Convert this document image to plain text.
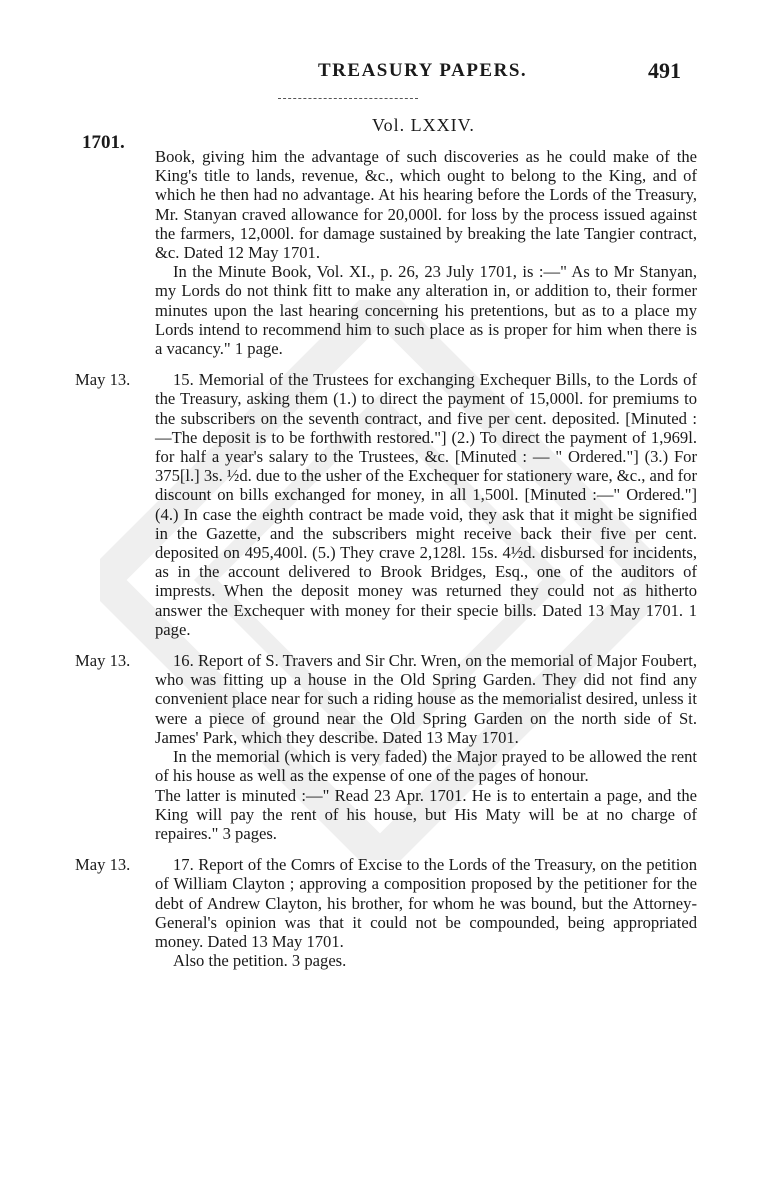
TREASURY PAPERS.	491
1701.
Vol. LXXIV.

Book, giving him the advantage of such discoveries as he could make of the King's title to lands, revenue, &c., which ought to belong to the King, and of which he then had no advantage. At his hearing before the Lords of the Treasury, Mr. Stanyan craved allowance for 20,000l. for loss by the process issued against the farmers, 12,000l. for damage sustained by breaking the late Tangier contract, &c. Dated 12 May 1701.

In the Minute Book, Vol. XI., p. 26, 23 July 1701, is :—" As to Mr Stanyan, my Lords do not think fitt to make any alteration in, or addition to, their former minutes upon the last hearing concerning his pretentions, but as to a place my Lords intend to recommend him to such place as is proper for him when there is a vacancy." 1 page.

May 13.	15. Memorial of the Trustees for exchanging Exchequer Bills, to the Lords of the Treasury, asking them (1.) to direct the payment of 15,000l. for premiums to the subscribers on the seventh contract, and five per cent. deposited. [Minuted :—The deposit is to be forthwith restored."] (2.) To direct the payment of 1,969l. for half a year's salary to the Trustees, &c. [Minuted : — " Ordered."] (3.) For 375[l.] 3s. ½d. due to the usher of the Exchequer for stationery ware, &c., and for discount on bills exchanged for money, in all 1,500l. [Minuted :—" Ordered."] (4.) In case the eighth contract be made void, they ask that it might be signified in the Gazette, and the subscribers might receive back their five per cent. deposited on 495,400l. (5.) They crave 2,128l. 15s. 4½d. disbursed for incidents, as in the account delivered to Brook Bridges, Esq., one of the auditors of imprests. When the deposit money was returned they could not as hitherto answer the Exchequer with money for their specie bills. Dated 13 May 1701. 1 page.

May 13.	16. Report of S. Travers and Sir Chr. Wren, on the memorial of Major Foubert, who was fitting up a house in the Old Spring Garden. They did not find any convenient place near for such a riding house as the memorialist desired, unless it were a piece of ground near the Old Spring Garden on the north side of St. James' Park, which they describe. Dated 13 May 1701.

In the memorial (which is very faded) the Major prayed to be allowed the rent of his house as well as the expense of one of the pages of honour.

The latter is minuted :—" Read 23 Apr. 1701. He is to entertain a page, and the King will pay the rent of his house, but His Maty will be at no charge of repaires." 3 pages.

May 13.	17. Report of the Comrs of Excise to the Lords of the Treasury, on the petition of William Clayton ; approving a composition proposed by the petitioner for the debt of Andrew Clayton, his brother, for whom he was bound, but the Attorney-General's opinion was that it could not be compounded, being appropriated money. Dated 13 May 1701.

Also the petition. 3 pages.
